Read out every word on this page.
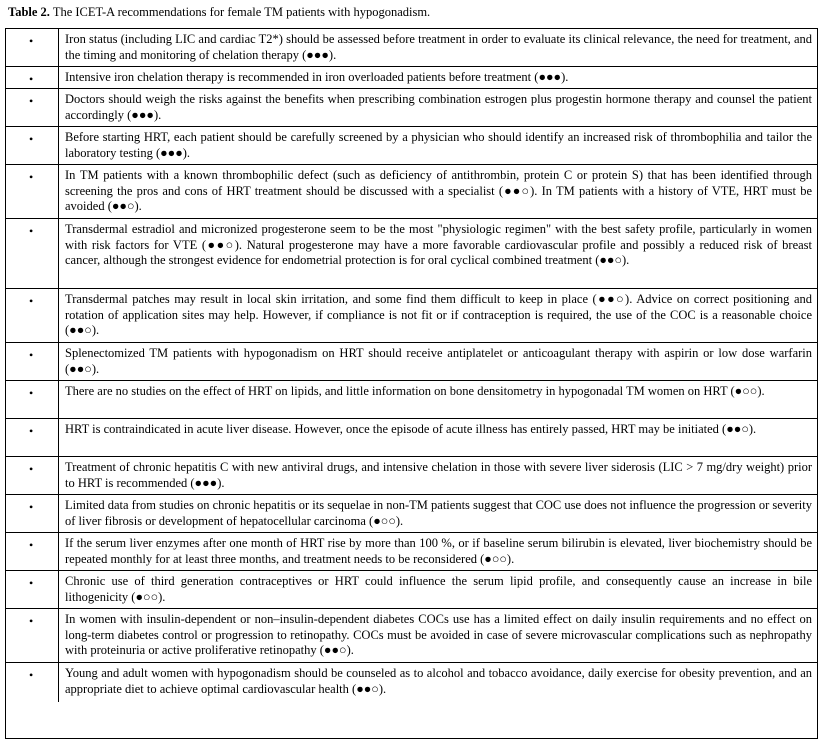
Table 2. The ICET-A recommendations for female TM patients with hypogonadism.
•	Iron status (including LIC and cardiac T2*) should be assessed before treatment in order to evaluate its clinical relevance, the need for treatment, and the timing and monitoring of chelation therapy (●●●).
•	Intensive iron chelation therapy is recommended in iron overloaded patients before treatment (●●●).
•	Doctors should weigh the risks against the benefits when prescribing combination estrogen plus progestin hormone therapy and counsel the patient accordingly (●●●).
•	Before starting HRT, each patient should be carefully screened by a physician who should identify an increased risk of thrombophilia and tailor the laboratory testing (●●●).
•	In TM patients with a known thrombophilic defect (such as deficiency of antithrombin, protein C or protein S) that has been identified through screening the pros and cons of HRT treatment should be discussed with a specialist (●●○). In TM patients with a history of VTE, HRT must be avoided (●●○).
•	Transdermal estradiol and micronized progesterone seem to be the most "physiologic regimen" with the best safety profile, particularly in women with risk factors for VTE (●●○). Natural progesterone may have a more favorable cardiovascular profile and possibly a reduced risk of breast cancer, although the strongest evidence for endometrial protection is for oral cyclical combined treatment (●●○).
•	Transdermal patches may result in local skin irritation, and some find them difficult to keep in place (●●○). Advice on correct positioning and rotation of application sites may help. However, if compliance is not fit or if contraception is required, the use of the COC is a reasonable choice (●●○).
•	Splenectomized TM patients with hypogonadism on HRT should receive antiplatelet or anticoagulant therapy with aspirin or low dose warfarin (●●○).
•	There are no studies on the effect of HRT on lipids, and little information on bone densitometry in hypogonadal TM women on HRT (●○○).
•	HRT is contraindicated in acute liver disease. However, once the episode of acute illness has entirely passed, HRT may be initiated (●●○).
•	Treatment of chronic hepatitis C with new antiviral drugs, and intensive chelation in those with severe liver siderosis (LIC > 7 mg/dry weight) prior to HRT is recommended (●●●).
•	Limited data from studies on chronic hepatitis or its sequelae in non-TM patients suggest that COC use does not influence the progression or severity of liver fibrosis or development of hepatocellular carcinoma (●○○).
•	If the serum liver enzymes after one month of HRT rise by more than 100 %, or if baseline serum bilirubin is elevated, liver biochemistry should be repeated monthly for at least three months, and treatment needs to be reconsidered (●○○).
•	Chronic use of third generation contraceptives or HRT could influence the serum lipid profile, and consequently cause an increase in bile lithogenicity (●○○).
•	In women with insulin-dependent or non–insulin-dependent diabetes COCs use has a limited effect on daily insulin requirements and no effect on long-term diabetes control or progression to retinopathy. COCs must be avoided in case of severe microvascular complications such as nephropathy with proteinuria or active proliferative retinopathy (●●○).
•	Young and adult women with hypogonadism should be counseled as to alcohol and tobacco avoidance, daily exercise for obesity prevention, and an appropriate diet to achieve optimal cardiovascular health (●●○).
